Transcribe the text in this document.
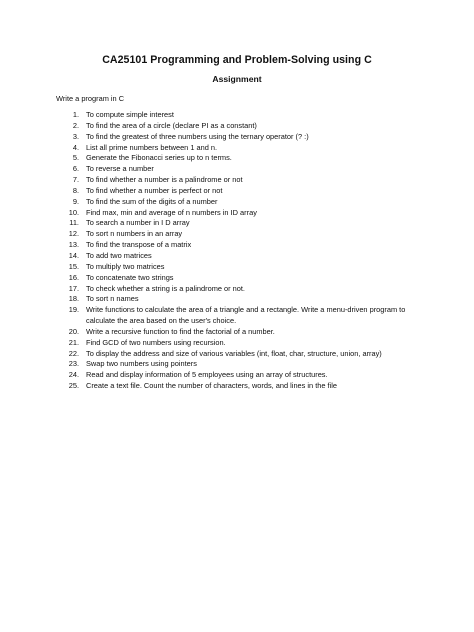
CA25101 Programming and Problem-Solving using C
Assignment
Write a program in C
1. To compute simple interest
2. To find the area of a circle (declare PI as a constant)
3. To find the greatest of three numbers using the ternary operator (? :)
4. List all prime numbers between 1 and n.
5. Generate the Fibonacci series up to n terms.
6. To reverse a number
7. To find whether a number is a palindrome or not
8. To find whether a number is perfect or not
9. To find the sum of the digits of a number
10. Find max, min and average of n numbers in ID array
11. To search a number in I D array
12. To sort n numbers in an array
13. To find the transpose of a matrix
14. To add two matrices
15. To multiply two matrices
16. To concatenate two strings
17. To check whether a string is a palindrome or not.
18. To sort n names
19. Write functions to calculate the area of a triangle and a rectangle. Write a menu-driven program to calculate the area based on the user's choice.
20. Write a recursive function to find the factorial of a number.
21. Find GCD of two numbers using recursion.
22. To display the address and size of various variables (int, float, char, structure, union, array)
23. Swap two numbers using pointers
24. Read and display information of 5 employees using an array of structures.
25. Create a text file. Count the number of characters, words, and lines in the file
